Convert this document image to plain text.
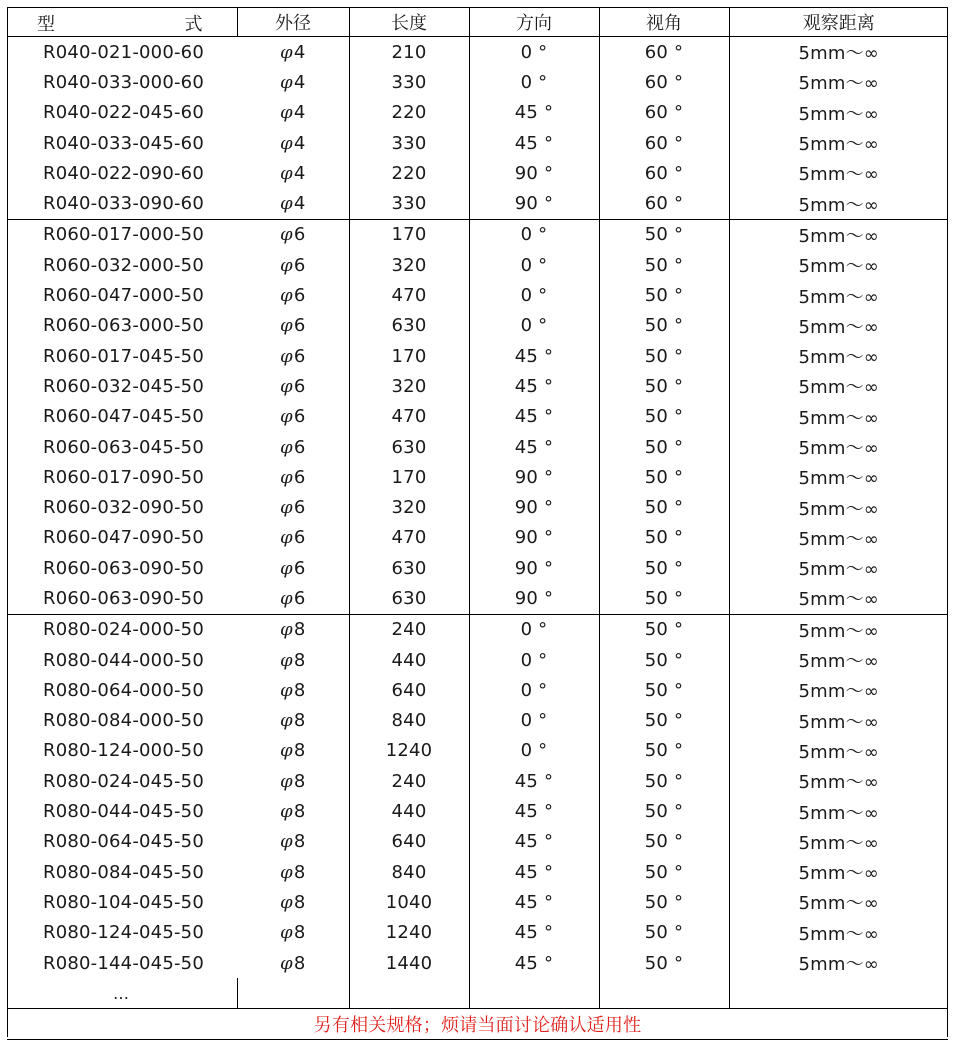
型 式	外径	长度	方向	视角	观察距离
R040-021-000-60	φ4	210	0 °	60 °	5mm～∞
R040-033-000-60	φ4	330	0 °	60 °	5mm～∞
R040-022-045-60	φ4	220	45 °	60 °	5mm～∞
R040-033-045-60	φ4	330	45 °	60 °	5mm～∞
R040-022-090-60	φ4	220	90 °	60 °	5mm～∞
R040-033-090-60	φ4	330	90 °	60 °	5mm～∞
R060-017-000-50	φ6	170	0 °	50 °	5mm～∞
R060-032-000-50	φ6	320	0 °	50 °	5mm～∞
R060-047-000-50	φ6	470	0 °	50 °	5mm～∞
R060-063-000-50	φ6	630	0 °	50 °	5mm～∞
R060-017-045-50	φ6	170	45 °	50 °	5mm～∞
R060-032-045-50	φ6	320	45 °	50 °	5mm～∞
R060-047-045-50	φ6	470	45 °	50 °	5mm～∞
R060-063-045-50	φ6	630	45 °	50 °	5mm～∞
R060-017-090-50	φ6	170	90 °	50 °	5mm～∞
R060-032-090-50	φ6	320	90 °	50 °	5mm～∞
R060-047-090-50	φ6	470	90 °	50 °	5mm～∞
R060-063-090-50	φ6	630	90 °	50 °	5mm～∞
R060-063-090-50	φ6	630	90 °	50 °	5mm～∞
R080-024-000-50	φ8	240	0 °	50 °	5mm～∞
R080-044-000-50	φ8	440	0 °	50 °	5mm～∞
R080-064-000-50	φ8	640	0 °	50 °	5mm～∞
R080-084-000-50	φ8	840	0 °	50 °	5mm～∞
R080-124-000-50	φ8	1240	0 °	50 °	5mm～∞
R080-024-045-50	φ8	240	45 °	50 °	5mm～∞
R080-044-045-50	φ8	440	45 °	50 °	5mm～∞
R080-064-045-50	φ8	640	45 °	50 °	5mm～∞
R080-084-045-50	φ8	840	45 °	50 °	5mm～∞
R080-104-045-50	φ8	1040	45 °	50 °	5mm～∞
R080-124-045-50	φ8	1240	45 °	50 °	5mm～∞
R080-144-045-50	φ8	1440	45 °	50 °	5mm～∞
…					
另有相关规格；烦请当面讨论确认适用性					
